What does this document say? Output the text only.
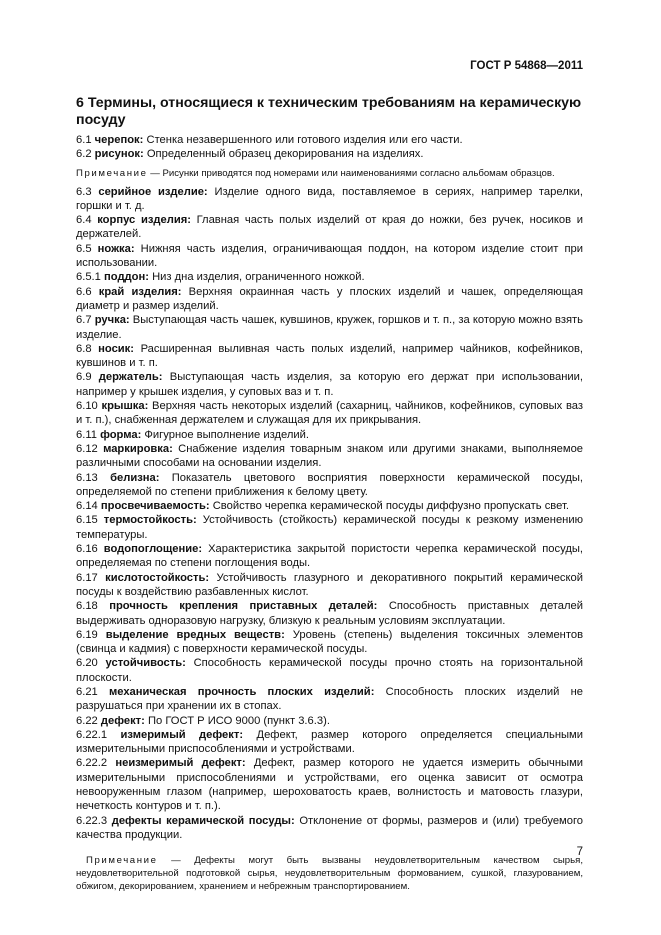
ГОСТ Р 54868—2011
6 Термины, относящиеся к техническим требованиям на керамическую посуду

6.1 черепок: Стенка незавершенного или готового изделия или его части.

6.2 рисунок: Определенный образец декорирования на изделиях.

Примечание — Рисунки приводятся под номерами или наименованиями согласно альбомам образцов.

6.3 серийное изделие: Изделие одного вида, поставляемое в сериях, например тарелки, горшки и т. д.

6.4 корпус изделия: Главная часть полых изделий от края до ножки, без ручек, носиков и держателей.

6.5 ножка: Нижняя часть изделия, ограничивающая поддон, на котором изделие стоит при использовании.

6.5.1 поддон: Низ дна изделия, ограниченного ножкой.

6.6 край изделия: Верхняя окраинная часть у плоских изделий и чашек, определяющая диаметр и размер изделий.

6.7 ручка: Выступающая часть чашек, кувшинов, кружек, горшков и т. п., за которую можно взять изделие.

6.8 носик: Расширенная выливная часть полых изделий, например чайников, кофейников, кувшинов и т. п.

6.9 держатель: Выступающая часть изделия, за которую его держат при использовании, например у крышек изделия, у суповых ваз и т. п.

6.10 крышка: Верхняя часть некоторых изделий (сахарниц, чайников, кофейников, суповых ваз и т. п.), снабженная держателем и служащая для их прикрывания.

6.11 форма: Фигурное выполнение изделий.

6.12 маркировка: Снабжение изделия товарным знаком или другими знаками, выполняемое различными способами на основании изделия.

6.13 белизна: Показатель цветового восприятия поверхности керамической посуды, определяемой по степени приближения к белому цвету.

6.14 просвечиваемость: Свойство черепка керамической посуды диффузно пропускать свет.

6.15 термостойкость: Устойчивость (стойкость) керамической посуды к резкому изменению температуры.

6.16 водопоглощение: Характеристика закрытой пористости черепка керамической посуды, определяемая по степени поглощения воды.

6.17 кислотостойкость: Устойчивость глазурного и декоративного покрытий керамической посуды к воздействию разбавленных кислот.

6.18 прочность крепления приставных деталей: Способность приставных деталей выдерживать одноразовую нагрузку, близкую к реальным условиям эксплуатации.

6.19 выделение вредных веществ: Уровень (степень) выделения токсичных элементов (свинца и кадмия) с поверхности керамической посуды.

6.20 устойчивость: Способность керамической посуды прочно стоять на горизонтальной плоскости.

6.21 механическая прочность плоских изделий: Способность плоских изделий не разрушаться при хранении их в стопах.

6.22 дефект: По ГОСТ Р ИСО 9000 (пункт 3.6.3).

6.22.1 измеримый дефект: Дефект, размер которого определяется специальными измерительными приспособлениями и устройствами.

6.22.2 неизмеримый дефект: Дефект, размер которого не удается измерить обычными измерительными приспособлениями и устройствами, его оценка зависит от осмотра невооруженным глазом (например, шероховатость краев, волнистость и матовость глазури, нечеткость контуров и т. п.).

6.22.3 дефекты керамической посуды: Отклонение от формы, размеров и (или) требуемого качества продукции.

Примечание — Дефекты могут быть вызваны неудовлетворительным качеством сырья, неудовлетворительной подготовкой сырья, неудовлетворительным формованием, сушкой, глазурованием, обжигом, декорированием, хранением и небрежным транспортированием.
7
